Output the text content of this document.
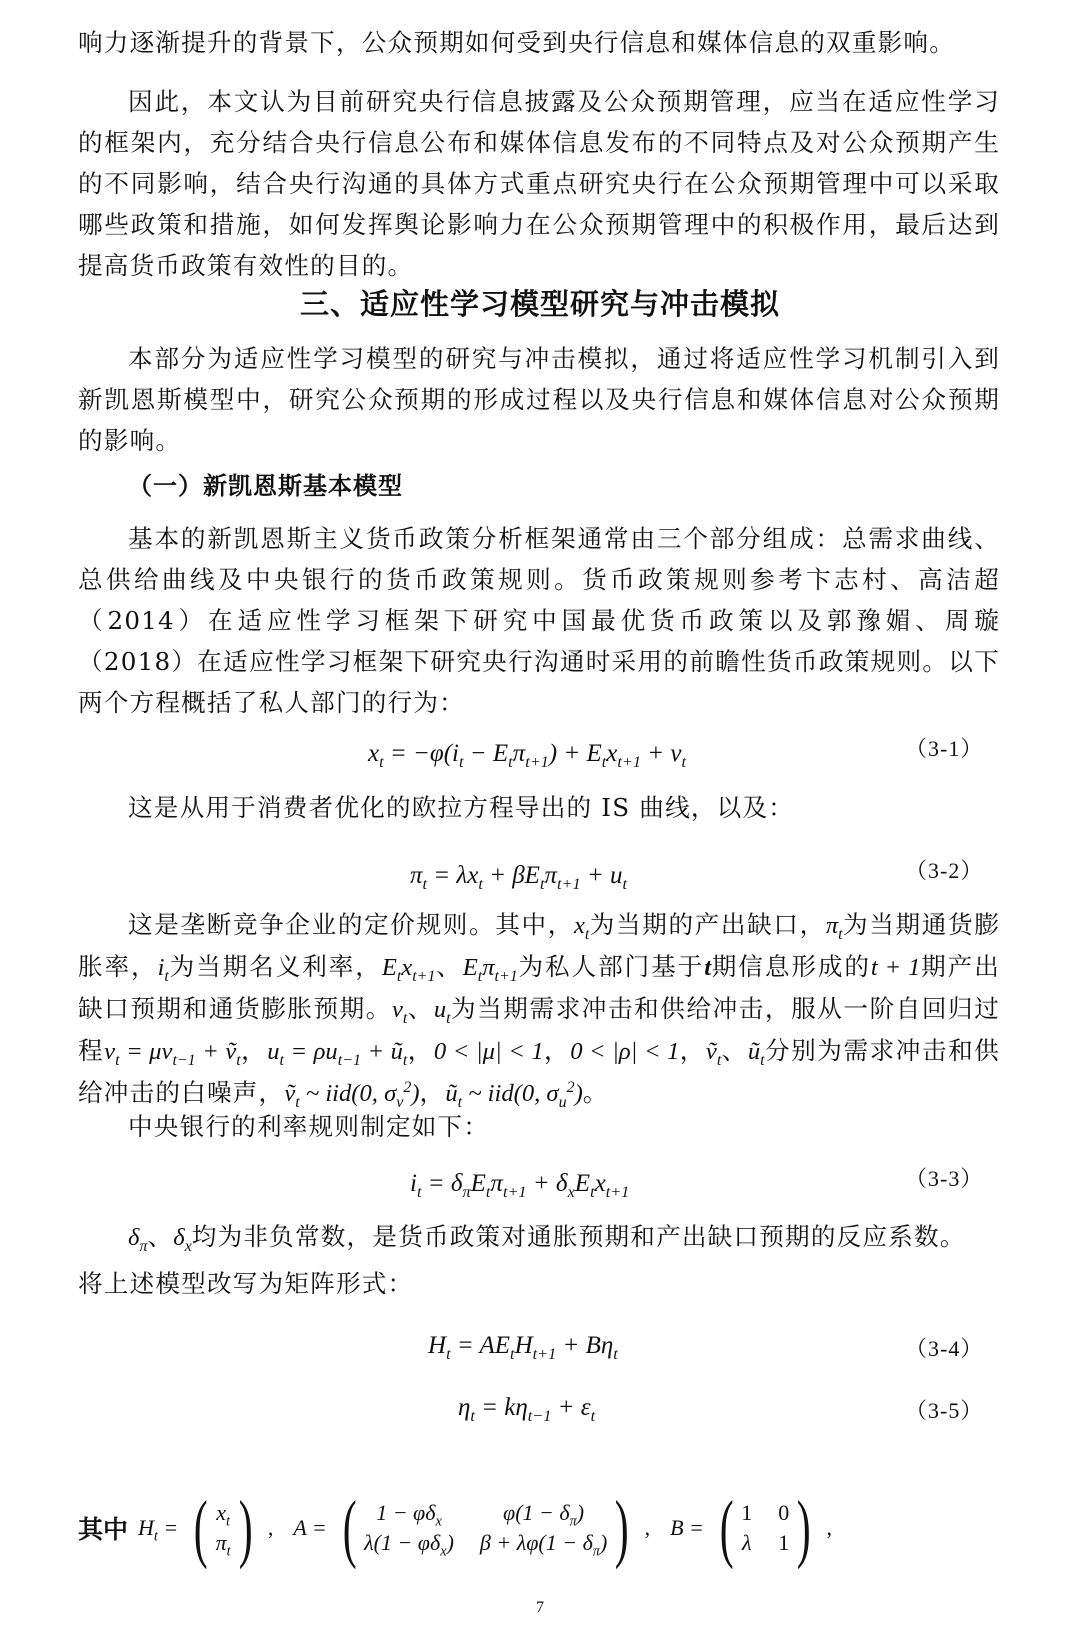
响力逐渐提升的背景下，公众预期如何受到央行信息和媒体信息的双重影响。

因此，本文认为目前研究央行信息披露及公众预期管理，应当在适应性学习的框架内，充分结合央行信息公布和媒体信息发布的不同特点及对公众预期产生的不同影响，结合央行沟通的具体方式重点研究央行在公众预期管理中可以采取哪些政策和措施，如何发挥舆论影响力在公众预期管理中的积极作用，最后达到提高货币政策有效性的目的。

三、适应性学习模型研究与冲击模拟

本部分为适应性学习模型的研究与冲击模拟，通过将适应性学习机制引入到新凯恩斯模型中，研究公众预期的形成过程以及央行信息和媒体信息对公众预期的影响。

（一）新凯恩斯基本模型

基本的新凯恩斯主义货币政策分析框架通常由三个部分组成：总需求曲线、总供给曲线及中央银行的货币政策规则。货币政策规则参考卞志村、高洁超（2014）在适应性学习框架下研究中国最优货币政策以及郭豫媚、周璇（2018）在适应性学习框架下研究央行沟通时采用的前瞻性货币政策规则。以下两个方程概括了私人部门的行为：

$x_t = -\varphi(i_t - E_t\pi_{t+1}) + E_tx_{t+1} + v_t$
（3-1）

这是从用于消费者优化的欧拉方程导出的 IS 曲线，以及：

$\pi_t = \lambda x_t + \beta E_t\pi_{t+1} + u_t$
（3-2）

这是垄断竞争企业的定价规则。其中，$x_t$为当期的产出缺口，$\pi_t$为当期通货膨胀率，$i_t$为当期名义利率，$E_tx_{t+1}$、$E_t\pi_{t+1}$为私人部门基于t期信息形成的t + 1期产出缺口预期和通货膨胀预期。$v_t$、$u_t$为当期需求冲击和供给冲击，服从一阶自回归过程$v_t = \mu v_{t-1}$ + ṽ$_t$，$u_t = \rho u_{t-1}$ + $ũ_t$，0 < |μ| < 1，0 < |ρ| < 1，ṽ$_t$、$ũ_t$分别为需求冲击和供给冲击的白噪声，ṽ$_t$ ~ iid(0, $\sigma_v^2$)，$ũ_t$ ~ iid(0, $\sigma_u^2$)。

中央银行的利率规则制定如下：

$i_t = \delta_\pi E_t\pi_{t+1} + \delta_xE_tx_{t+1}$
（3-3）

$\delta_\pi$、$\delta_x$均为非负常数，是货币政策对通胀预期和产出缺口预期的反应系数。

将上述模型改写为矩阵形式：

$H_t = AE_tH_{t+1} + B\eta_t$	（3-4）
$\eta_t = k\eta_{t-1} + \varepsilon_t$	（3-5）
其中 $H_t$ = ( $x_t$
$\pi_t$ ) , A = ( $1 - \varphi\delta_x$	$\varphi(1 - \delta_\pi)$
$\lambda(1 - \varphi\delta_x)$ $\beta + \lambda\varphi(1 - \delta_\pi)$ ) , B = ( 1 0
λ 1 ) ,
7
